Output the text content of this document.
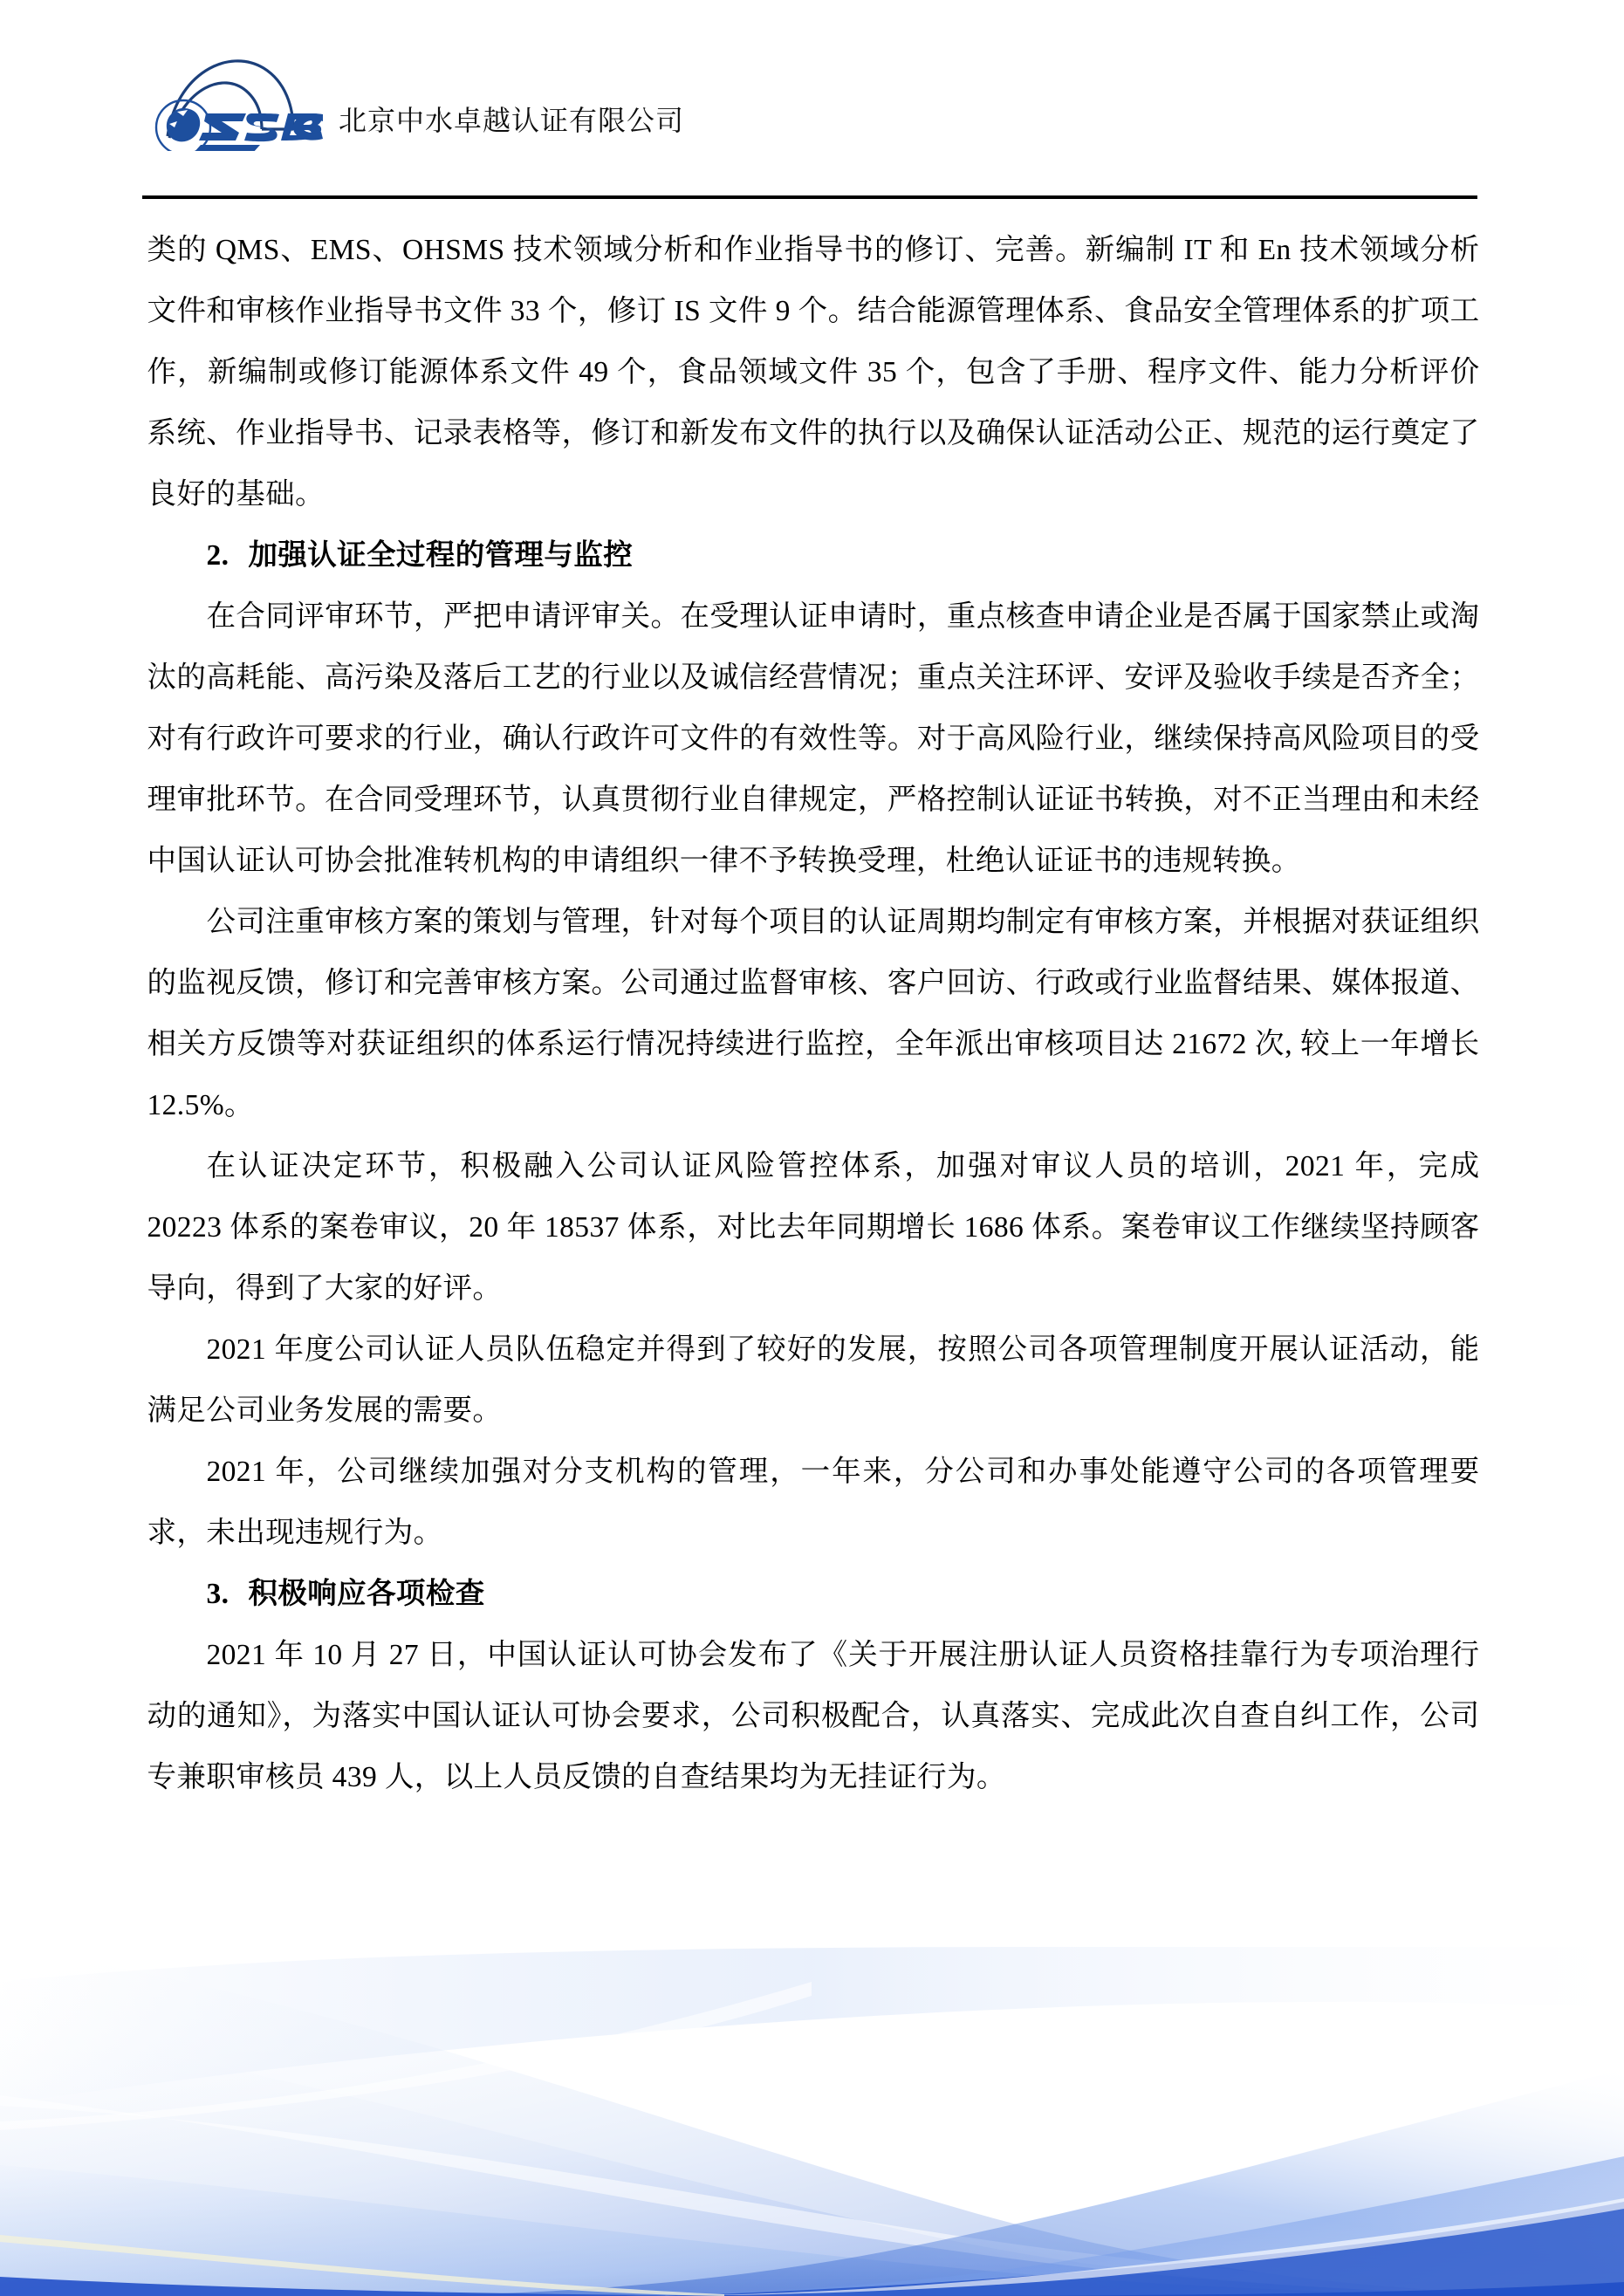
北京中水卓越认证有限公司

类的 QMS、EMS、OHSMS 技术领域分析和作业指导书的修订、完善。新编制 IT 和 En 技术领域分析文件和审核作业指导书文件 33 个，修订 IS 文件 9 个。结合能源管理体系、食品安全管理体系的扩项工作，新编制或修订能源体系文件 49 个，食品领域文件 35 个，包含了手册、程序文件、能力分析评价系统、作业指导书、记录表格等，修订和新发布文件的执行以及确保认证活动公正、规范的运行奠定了良好的基础。

2. 加强认证全过程的管理与监控

在合同评审环节，严把申请评审关。在受理认证申请时，重点核查申请企业是否属于国家禁止或淘汰的高耗能、高污染及落后工艺的行业以及诚信经营情况；重点关注环评、安评及验收手续是否齐全；对有行政许可要求的行业，确认行政许可文件的有效性等。对于高风险行业，继续保持高风险项目的受理审批环节。在合同受理环节，认真贯彻行业自律规定，严格控制认证证书转换，对不正当理由和未经中国认证认可协会批准转机构的申请组织一律不予转换受理，杜绝认证证书的违规转换。

公司注重审核方案的策划与管理，针对每个项目的认证周期均制定有审核方案，并根据对获证组织的监视反馈，修订和完善审核方案。公司通过监督审核、客户回访、行政或行业监督结果、媒体报道、相关方反馈等对获证组织的体系运行情况持续进行监控，全年派出审核项目达 21672 次, 较上一年增长 12.5%。

在认证决定环节，积极融入公司认证风险管控体系，加强对审议人员的培训，2021 年，完成 20223 体系的案卷审议，20 年 18537 体系，对比去年同期增长 1686 体系。案卷审议工作继续坚持顾客导向，得到了大家的好评。

2021 年度公司认证人员队伍稳定并得到了较好的发展，按照公司各项管理制度开展认证活动，能满足公司业务发展的需要。

2021 年，公司继续加强对分支机构的管理，一年来，分公司和办事处能遵守公司的各项管理要求，未出现违规行为。

3. 积极响应各项检查

2021 年 10 月 27 日，中国认证认可协会发布了《关于开展注册认证人员资格挂靠行为专项治理行动的通知》，为落实中国认证认可协会要求，公司积极配合，认真落实、完成此次自查自纠工作，公司专兼职审核员 439 人，以上人员反馈的自查结果均为无挂证行为。
